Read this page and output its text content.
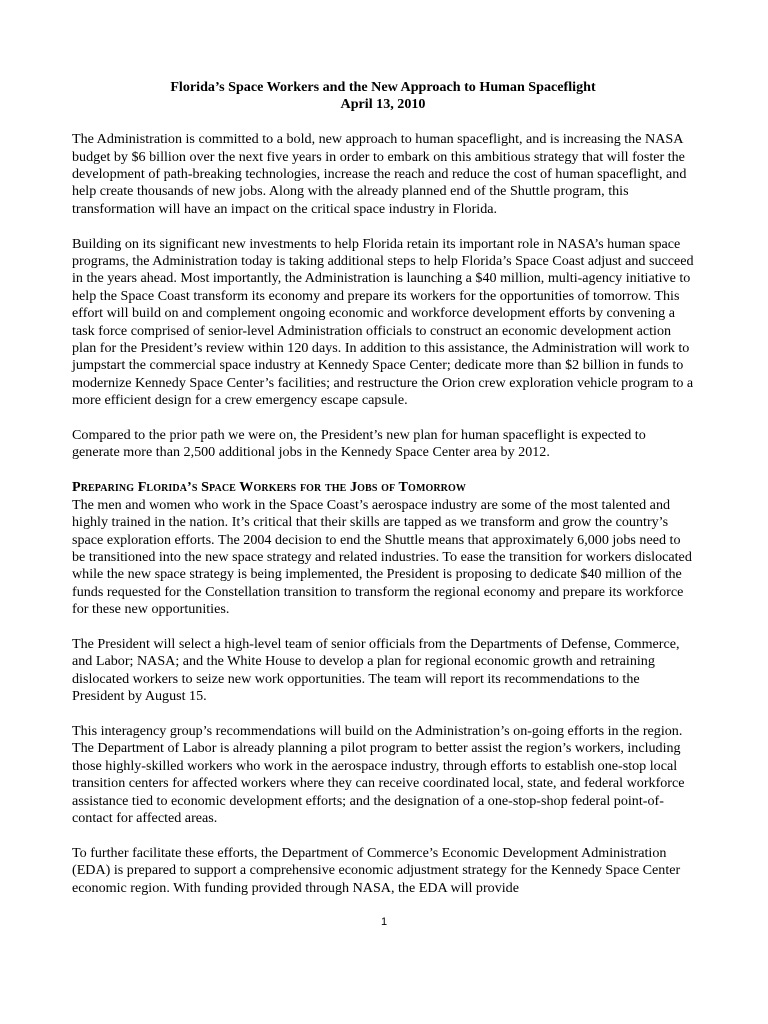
Florida’s Space Workers and the New Approach to Human Spaceflight
April 13, 2010

The Administration is committed to a bold, new approach to human spaceflight, and is increasing the NASA budget by $6 billion over the next five years in order to embark on this ambitious strategy that will foster the development of path-breaking technologies, increase the reach and reduce the cost of human spaceflight, and help create thousands of new jobs. Along with the already planned end of the Shuttle program, this transformation will have an impact on the critical space industry in Florida.

Building on its significant new investments to help Florida retain its important role in NASA’s human space programs, the Administration today is taking additional steps to help Florida’s Space Coast adjust and succeed in the years ahead. Most importantly, the Administration is launching a $40 million, multi-agency initiative to help the Space Coast transform its economy and prepare its workers for the opportunities of tomorrow. This effort will build on and complement ongoing economic and workforce development efforts by convening a task force comprised of senior-level Administration officials to construct an economic development action plan for the President’s review within 120 days. In addition to this assistance, the Administration will work to jumpstart the commercial space industry at Kennedy Space Center; dedicate more than $2 billion in funds to modernize Kennedy Space Center’s facilities; and restructure the Orion crew exploration vehicle program to a more efficient design for a crew emergency escape capsule.

Compared to the prior path we were on, the President’s new plan for human spaceflight is expected to generate more than 2,500 additional jobs in the Kennedy Space Center area by 2012.

Preparing Florida’s Space Workers for the Jobs of Tomorrow

The men and women who work in the Space Coast’s aerospace industry are some of the most talented and highly trained in the nation. It’s critical that their skills are tapped as we transform and grow the country’s space exploration efforts. The 2004 decision to end the Shuttle means that approximately 6,000 jobs need to be transitioned into the new space strategy and related industries. To ease the transition for workers dislocated while the new space strategy is being implemented, the President is proposing to dedicate $40 million of the funds requested for the Constellation transition to transform the regional economy and prepare its workforce for these new opportunities.

The President will select a high-level team of senior officials from the Departments of Defense, Commerce, and Labor; NASA; and the White House to develop a plan for regional economic growth and retraining dislocated workers to seize new work opportunities. The team will report its recommendations to the President by August 15.

This interagency group’s recommendations will build on the Administration’s on-going efforts in the region. The Department of Labor is already planning a pilot program to better assist the region’s workers, including those highly-skilled workers who work in the aerospace industry, through efforts to establish one-stop local transition centers for affected workers where they can receive coordinated local, state, and federal workforce assistance tied to economic development efforts; and the designation of a one-stop-shop federal point-of-contact for affected areas.

To further facilitate these efforts, the Department of Commerce’s Economic Development Administration (EDA) is prepared to support a comprehensive economic adjustment strategy for the Kennedy Space Center economic region. With funding provided through NASA, the EDA will provide

1
